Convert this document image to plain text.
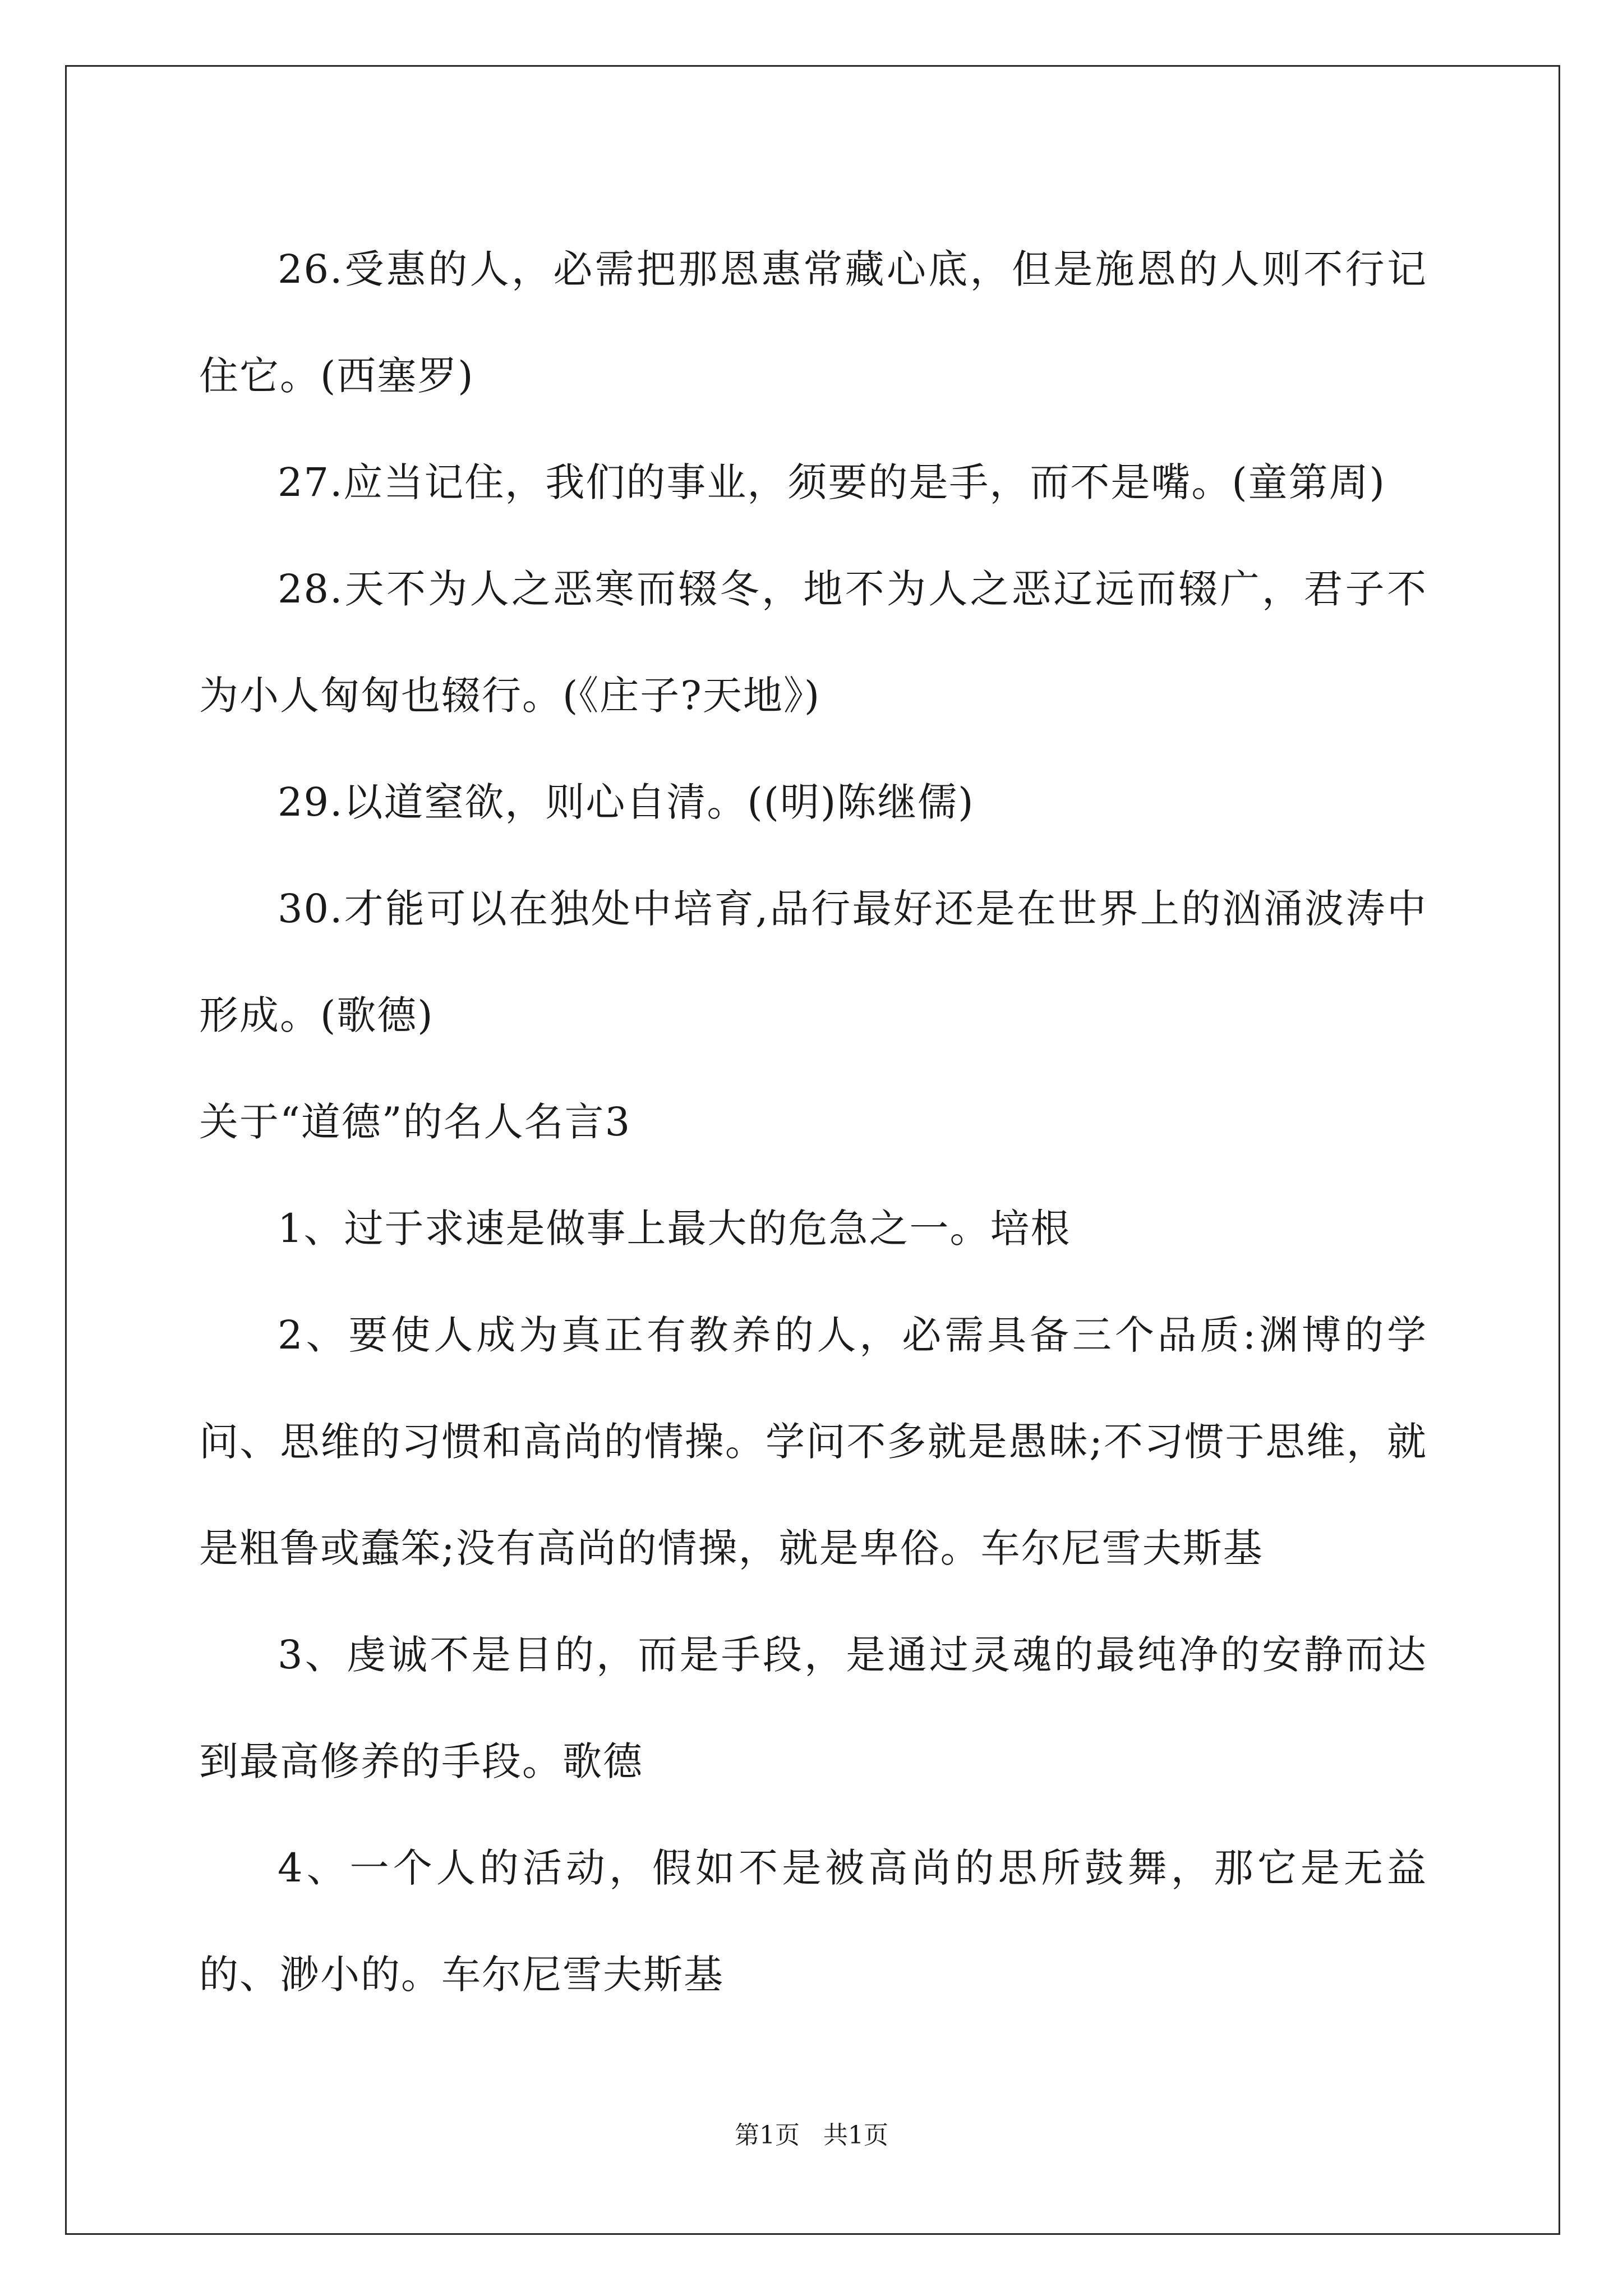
26.受惠的人，必需把那恩惠常藏心底，但是施恩的人则不行记住它。(西塞罗)

27.应当记住，我们的事业，须要的是手，而不是嘴。(童第周)

28.天不为人之恶寒而辍冬，地不为人之恶辽远而辍广，君子不为小人匈匈也辍行。(《庄子?天地》)

29.以道窒欲，则心自清。((明)陈继儒)

30.才能可以在独处中培育,品行最好还是在世界上的汹涌波涛中形成。(歌德)

关于“道德”的名人名言3

1、过于求速是做事上最大的危急之一。培根

2、要使人成为真正有教养的人，必需具备三个品质:渊博的学问、思维的习惯和高尚的情操。学问不多就是愚昧;不习惯于思维，就是粗鲁或蠢笨;没有高尚的情操，就是卑俗。车尔尼雪夫斯基

3、虔诚不是目的，而是手段，是通过灵魂的最纯净的安静而达到最高修养的手段。歌德

4、一个人的活动，假如不是被高尚的思所鼓舞，那它是无益的、渺小的。车尔尼雪夫斯基

第1页   共1页
